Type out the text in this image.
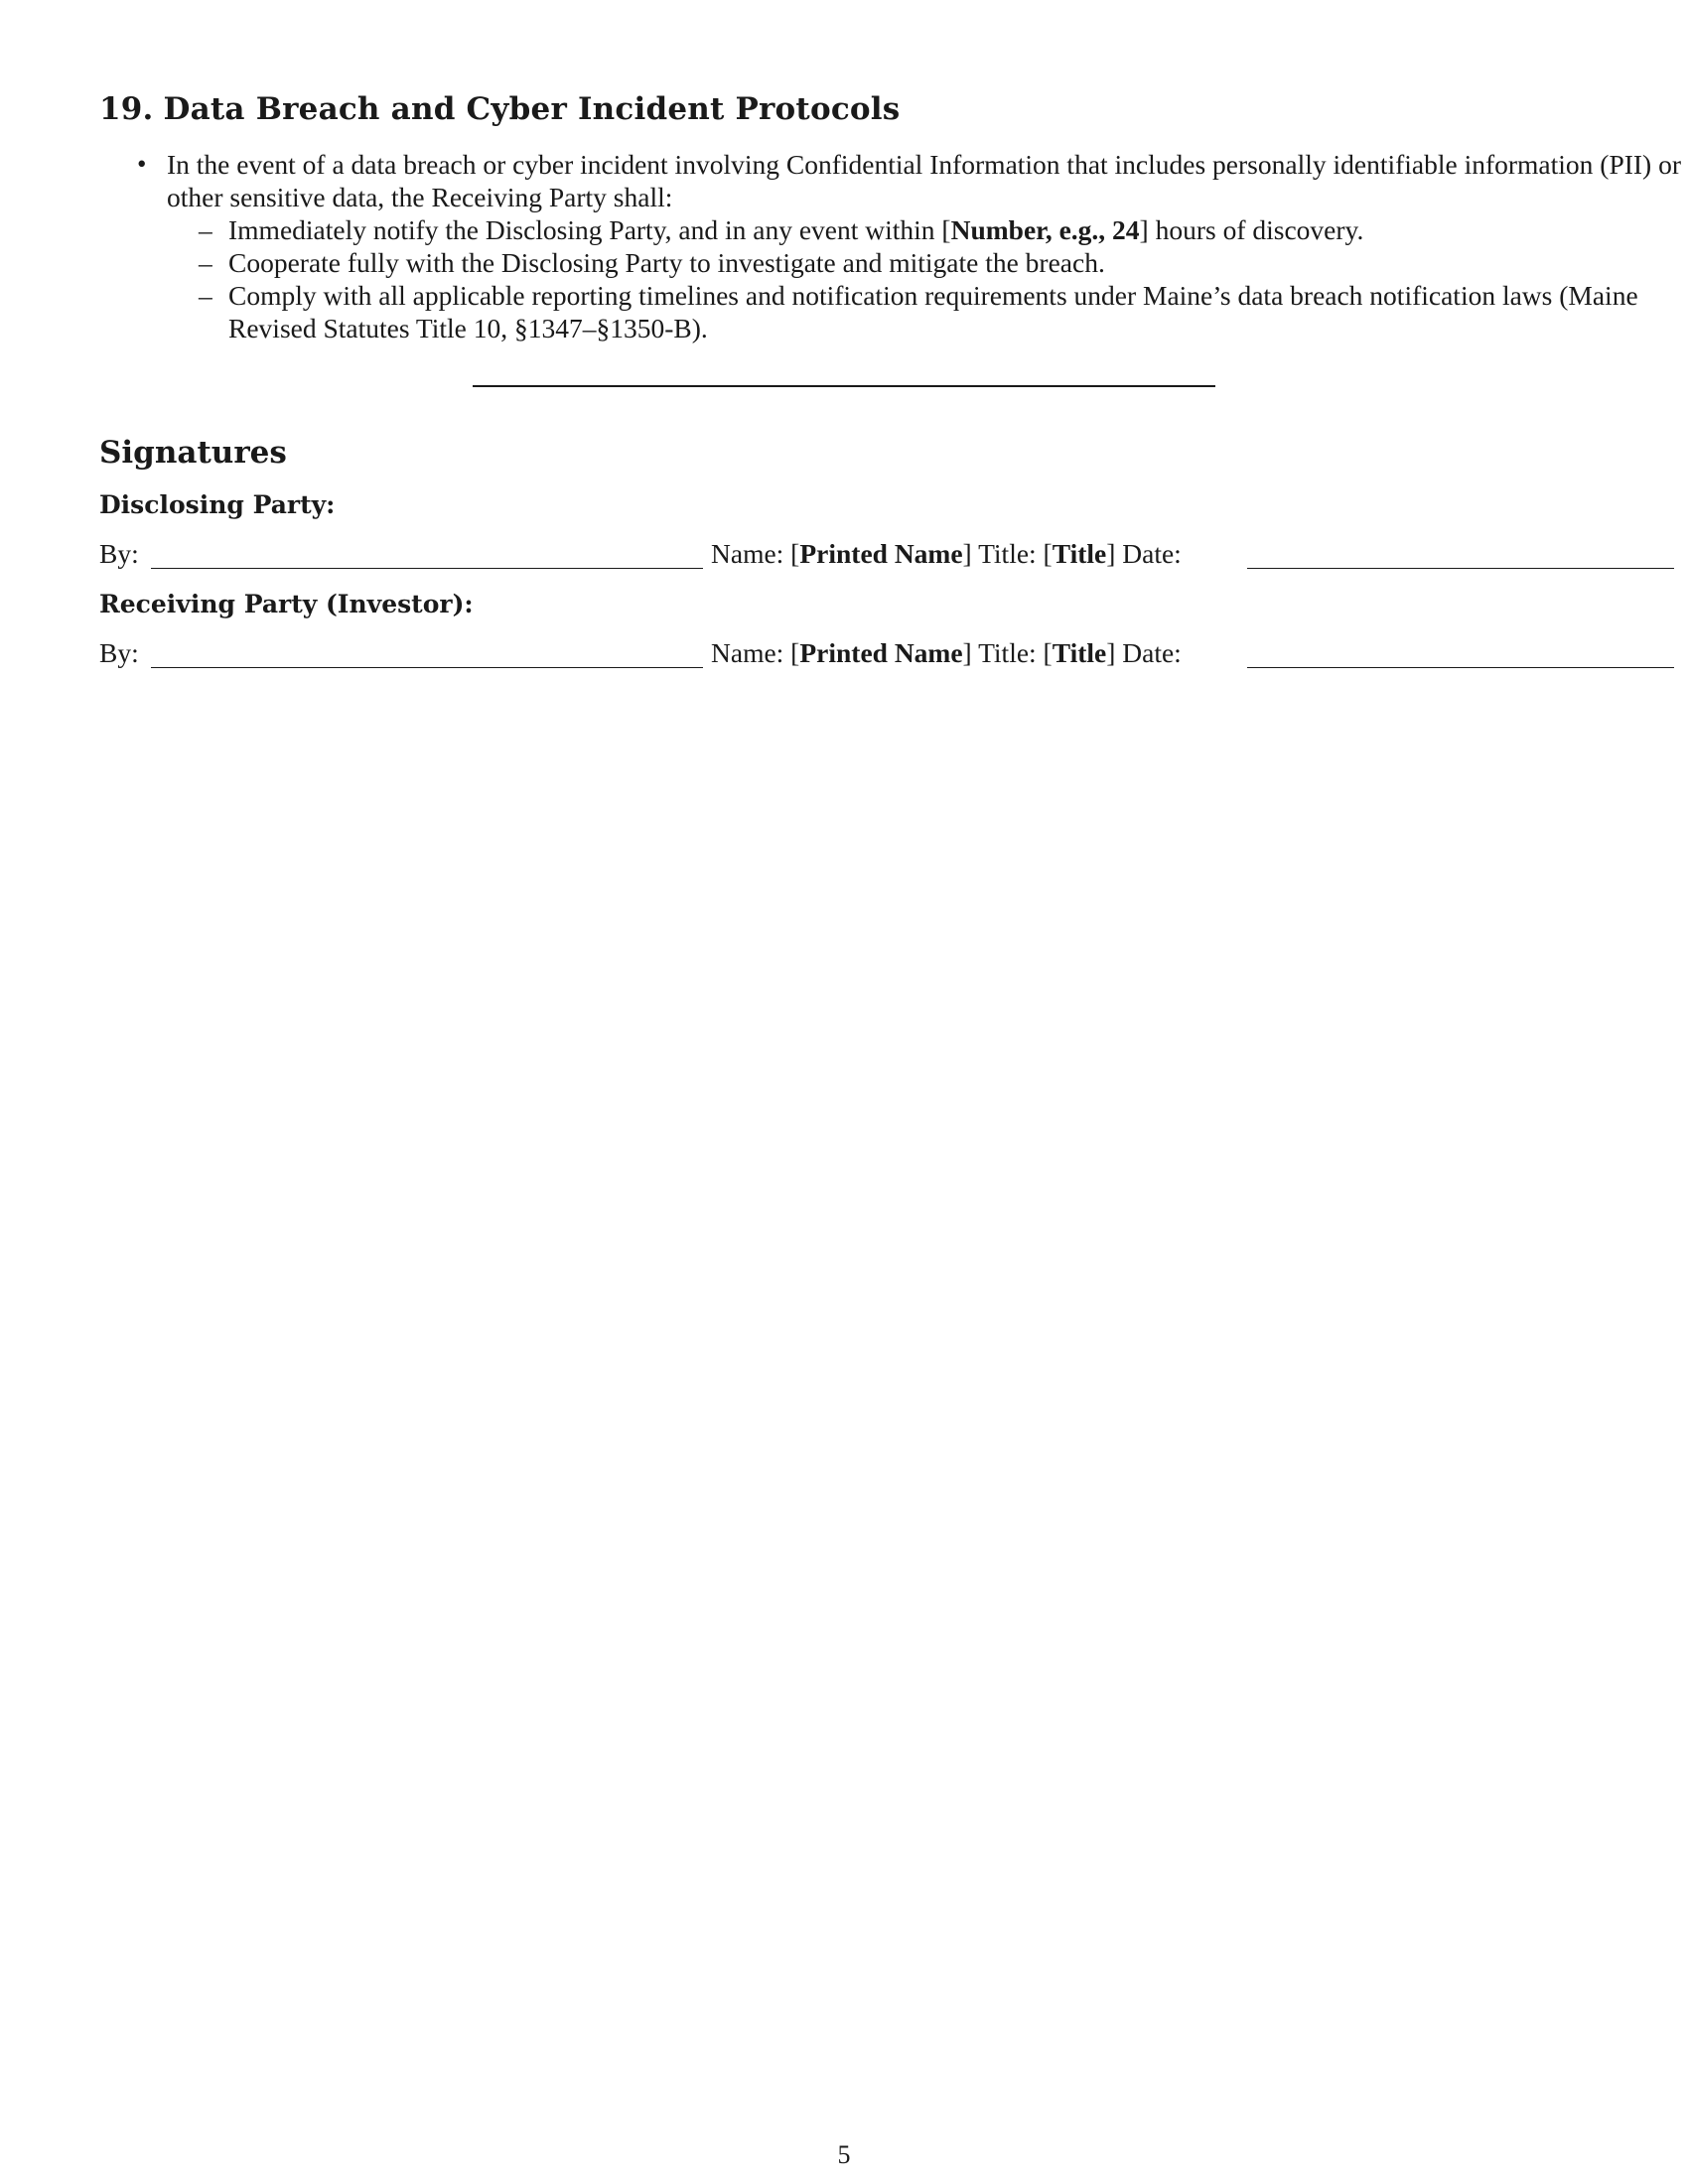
19. Data Breach and Cyber Incident Protocols
• In the event of a data breach or cyber incident involving Confidential Information that includes personally identifiable information (PII) or other sensitive data, the Receiving Party shall:
– Immediately notify the Disclosing Party, and in any event within [Number, e.g., 24] hours of discovery.
– Cooperate fully with the Disclosing Party to investigate and mitigate the breach.
– Comply with all applicable reporting timelines and notification requirements under Maine’s data breach notification laws (Maine Revised Statutes Title 10, §1347–§1350-B).
Signatures
Disclosing Party:
By:	Name: [Printed Name] Title: [Title] Date:
Receiving Party (Investor):
By:	Name: [Printed Name] Title: [Title] Date:
5
